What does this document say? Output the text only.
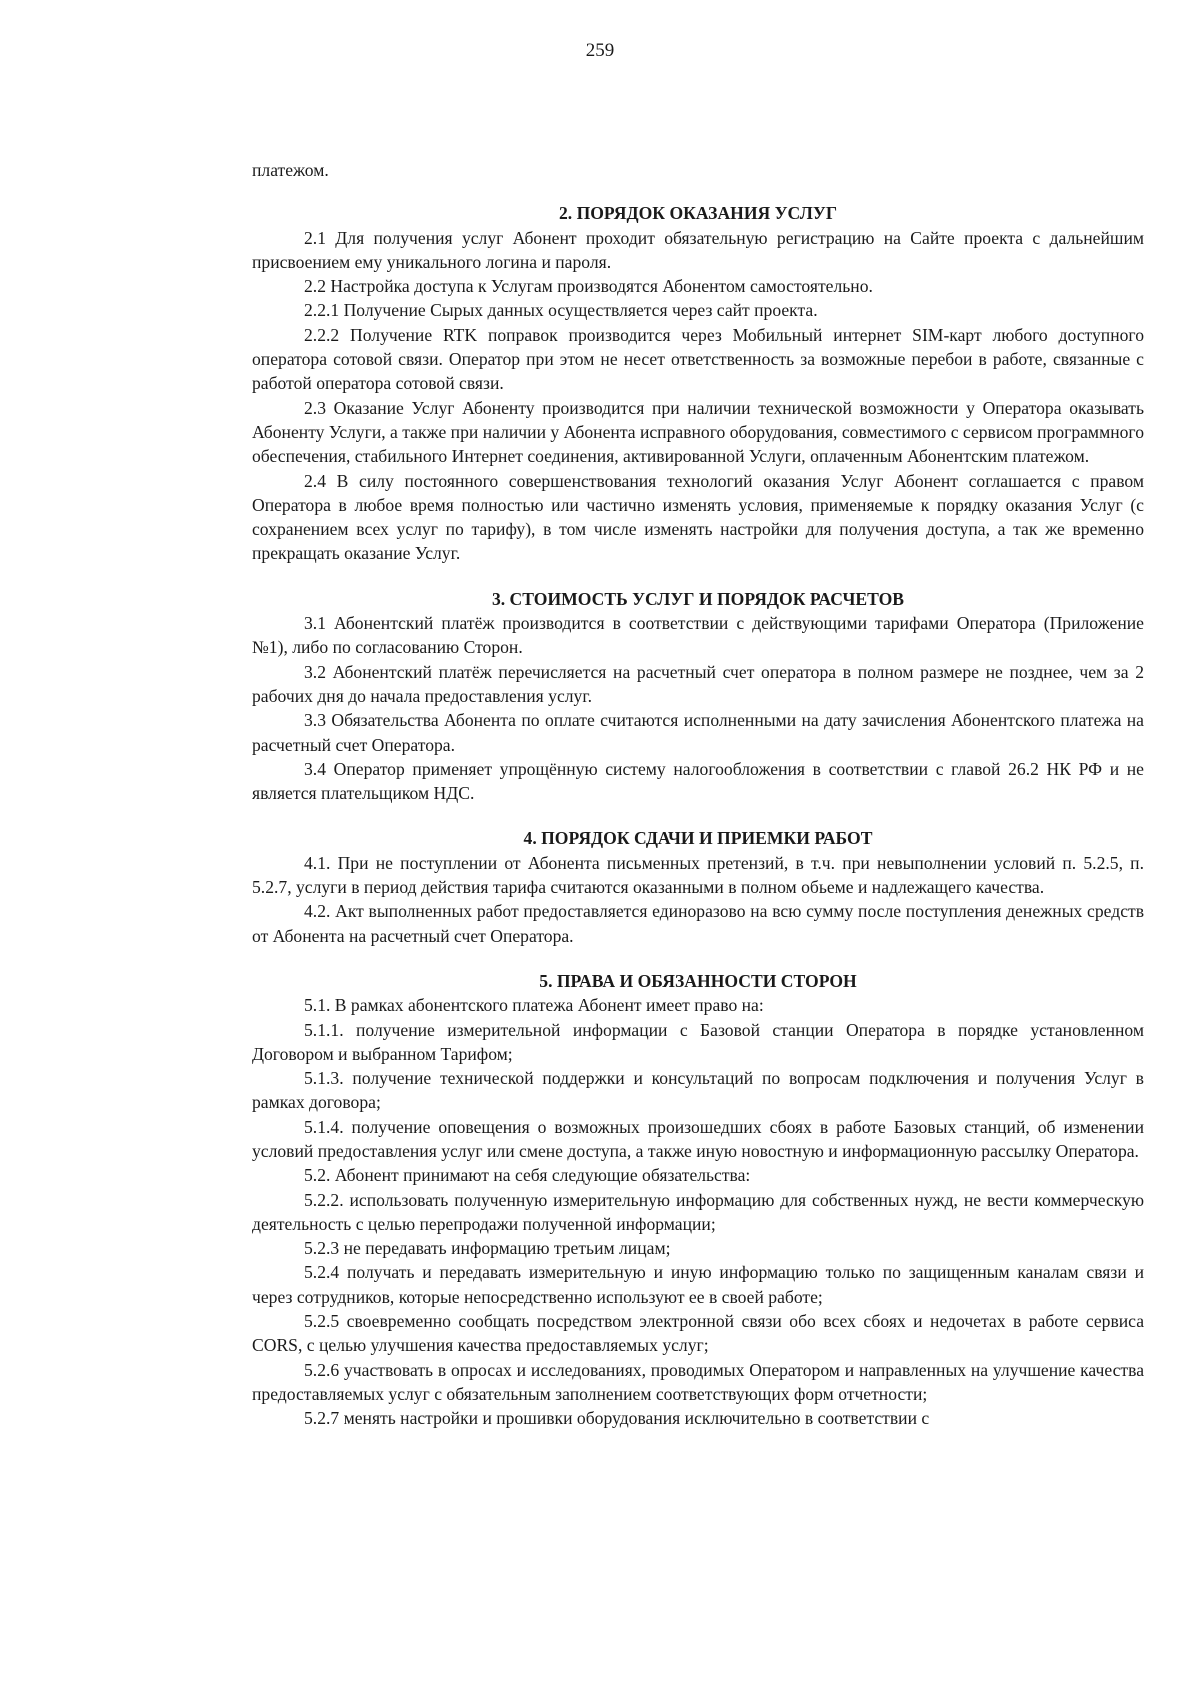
259

платежом.

2. ПОРЯДОК ОКАЗАНИЯ УСЛУГ

2.1 Для получения услуг Абонент проходит обязательную регистрацию на Сайте проекта с дальнейшим присвоением ему уникального логина и пароля.

2.2 Настройка доступа к Услугам производятся Абонентом самостоятельно.

2.2.1 Получение Сырых данных осуществляется через сайт проекта.

2.2.2 Получение RTK поправок производится через Мобильный интернет SIM-карт любого доступного оператора сотовой связи. Оператор при этом не несет ответственность за возможные перебои в работе, связанные с работой оператора сотовой связи.

2.3 Оказание Услуг Абоненту производится при наличии технической возможности у Оператора оказывать Абоненту Услуги, а также при наличии у Абонента исправного оборудования, совместимого с сервисом программного обеспечения, стабильного Интернет соединения, активированной Услуги, оплаченным Абонентским платежом.

2.4 В силу постоянного совершенствования технологий оказания Услуг Абонент соглашается с правом Оператора в любое время полностью или частично изменять условия, применяемые к порядку оказания Услуг (с сохранением всех услуг по тарифу), в том числе изменять настройки для получения доступа, а так же временно прекращать оказание Услуг.

3. СТОИМОСТЬ УСЛУГ И ПОРЯДОК РАСЧЕТОВ

3.1 Абонентский платёж производится в соответствии с действующими тарифами Оператора (Приложение №1), либо по согласованию Сторон.

3.2 Абонентский платёж перечисляется на расчетный счет оператора в полном размере не позднее, чем за 2 рабочих дня до начала предоставления услуг.

3.3 Обязательства Абонента по оплате считаются исполненными на дату зачисления Абонентского платежа на расчетный счет Оператора.

3.4 Оператор применяет упрощённую систему налогообложения в соответствии с главой 26.2 НК РФ и не является плательщиком НДС.

4. ПОРЯДОК СДАЧИ И ПРИЕМКИ РАБОТ

4.1. При не поступлении от Абонента письменных претензий, в т.ч. при невыполнении условий п. 5.2.5, п. 5.2.7, услуги в период действия тарифа считаются оказанными в полном обьеме и надлежащего качества.

4.2. Акт выполненных работ предоставляется единоразово на всю сумму после поступления денежных средств от Абонента на расчетный счет Оператора.

5. ПРАВА И ОБЯЗАННОСТИ СТОРОН

5.1. В рамках абонентского платежа Абонент имеет право на:

5.1.1. получение измерительной информации с Базовой станции Оператора в порядке установленном Договором и выбранном Тарифом;

5.1.3. получение технической поддержки и консультаций по вопросам подключения и получения Услуг в рамках договора;

5.1.4. получение оповещения о возможных произошедших сбоях в работе Базовых станций, об изменении условий предоставления услуг или смене доступа, а также иную новостную и информационную рассылку Оператора.

5.2. Абонент принимают на себя следующие обязательства:

5.2.2. использовать полученную измерительную информацию для собственных нужд, не вести коммерческую деятельность с целью перепродажи полученной информации;

5.2.3 не передавать информацию третьим лицам;

5.2.4 получать и передавать измерительную и иную информацию только по защищенным каналам связи и через сотрудников, которые непосредственно используют ее в своей работе;

5.2.5 своевременно сообщать посредством электронной связи обо всех сбоях и недочетах в работе сервиса CORS, с целью улучшения качества предоставляемых услуг;

5.2.6 участвовать в опросах и исследованиях, проводимых Оператором и направленных на улучшение качества предоставляемых услуг с обязательным заполнением соответствующих форм отчетности;

5.2.7 менять настройки и прошивки оборудования исключительно в соответствии с
